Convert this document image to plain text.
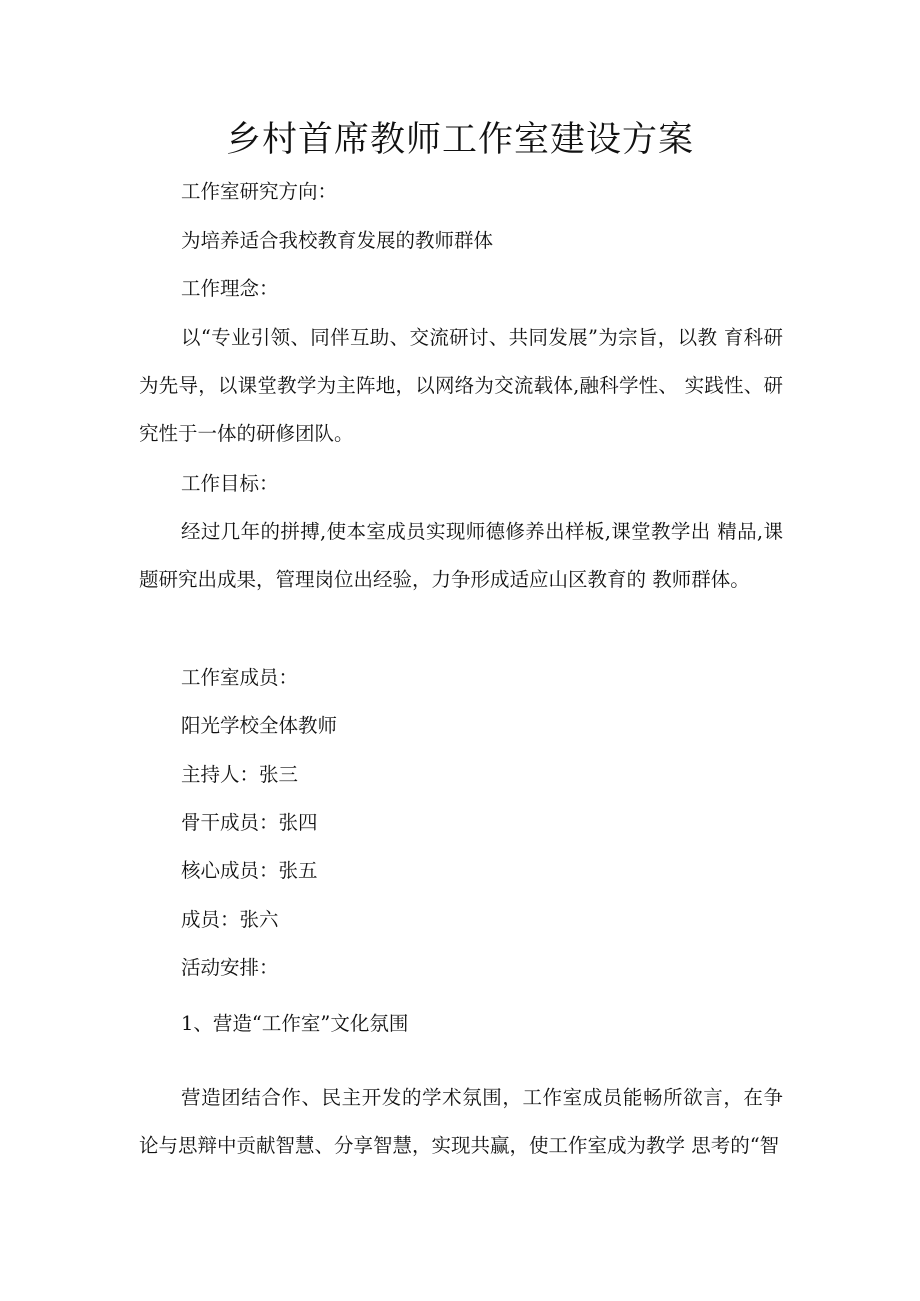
乡村首席教师工作室建设方案

工作室研究方向：

为培养适合我校教育发展的教师群体

工作理念：

以“专业引领、同伴互助、交流研讨、共同发展”为宗旨，以教 育科研为先导，以课堂教学为主阵地，以网络为交流载体,融科学性、 实践性、研究性于一体的研修团队。

工作目标：

经过几年的拼搏,使本室成员实现师德修养出样板,课堂教学出 精品,课题研究出成果，管理岗位出经验，力争形成适应山区教育的 教师群体。

工作室成员：

阳光学校全体教师

主持人：张三

骨干成员：张四

核心成员：张五

成员：张六

活动安排：

1、营造“工作室”文化氛围

营造团结合作、民主开发的学术氛围，工作室成员能畅所欲言，在争论与思辩中贡献智慧、分享智慧，实现共赢，使工作室成为教学 思考的“智
